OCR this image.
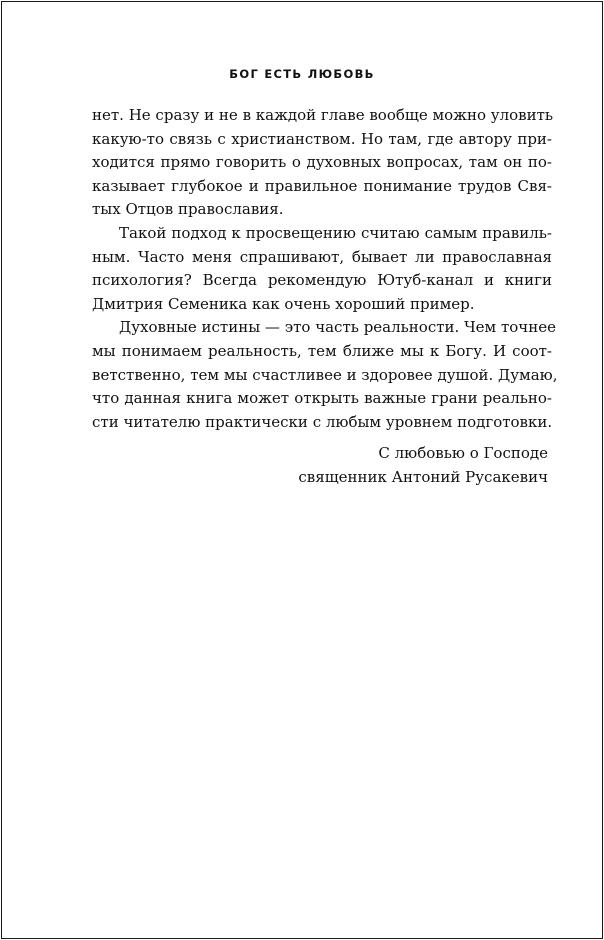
БОГ ЕСТЬ ЛЮБОВЬ
нет. Не сразу и не в каждой главе вообще можно уловить
какую-то связь с христианством. Но там, где автору при-
ходится прямо говорить о духовных вопросах, там он по-
казывает глубокое и правильное понимание трудов Свя-
тых Отцов православия.
Такой подход к просвещению считаю самым правиль-
ным. Часто меня спрашивают, бывает ли православная
психология? Всегда рекомендую Ютуб-канал и книги
Дмитрия Семеника как очень хороший пример.
Духовные истины — это часть реальности. Чем точнее
мы понимаем реальность, тем ближе мы к Богу. И соот-
ветственно, тем мы счастливее и здоровее душой. Думаю,
что данная книга может открыть важные грани реально-
сти читателю практически с любым уровнем подготовки.
С любовью о Господе
священник Антоний Русакевич
